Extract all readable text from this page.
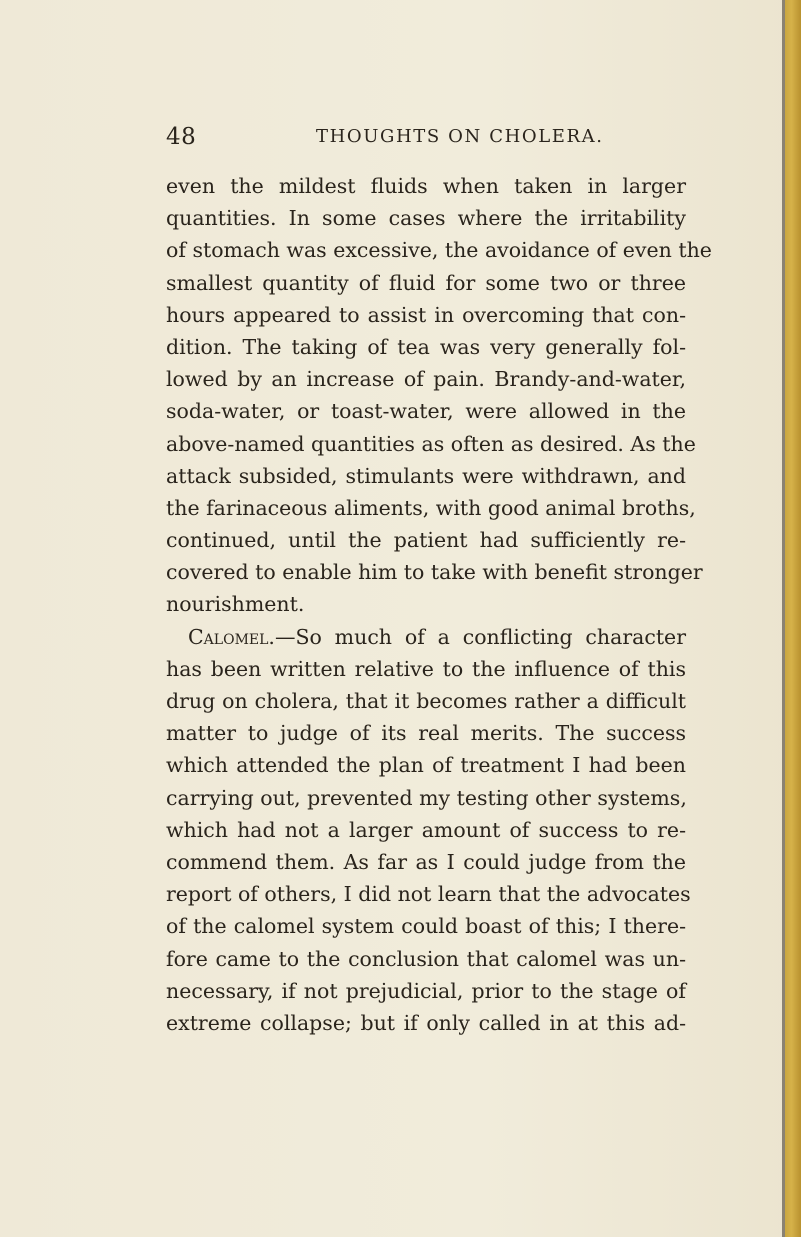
48	THOUGHTS ON CHOLERA.
even the mildest fluids when taken in larger
quantities. In some cases where the irritability
of stomach was excessive, the avoidance of even the
smallest quantity of fluid for some two or three
hours appeared to assist in overcoming that con-
dition. The taking of tea was very generally fol-
lowed by an increase of pain. Brandy-and-water,
soda-water, or toast-water, were allowed in the
above-named quantities as often as desired. As the
attack subsided, stimulants were withdrawn, and
the farinaceous aliments, with good animal broths,
continued, until the patient had sufficiently re-
covered to enable him to take with benefit stronger
nourishment.
Calomel.—So much of a conflicting character
has been written relative to the influence of this
drug on cholera, that it becomes rather a difficult
matter to judge of its real merits. The success
which attended the plan of treatment I had been
carrying out, prevented my testing other systems,
which had not a larger amount of success to re-
commend them. As far as I could judge from the
report of others, I did not learn that the advocates
of the calomel system could boast of this; I there-
fore came to the conclusion that calomel was un-
necessary, if not prejudicial, prior to the stage of
extreme collapse; but if only called in at this ad-
